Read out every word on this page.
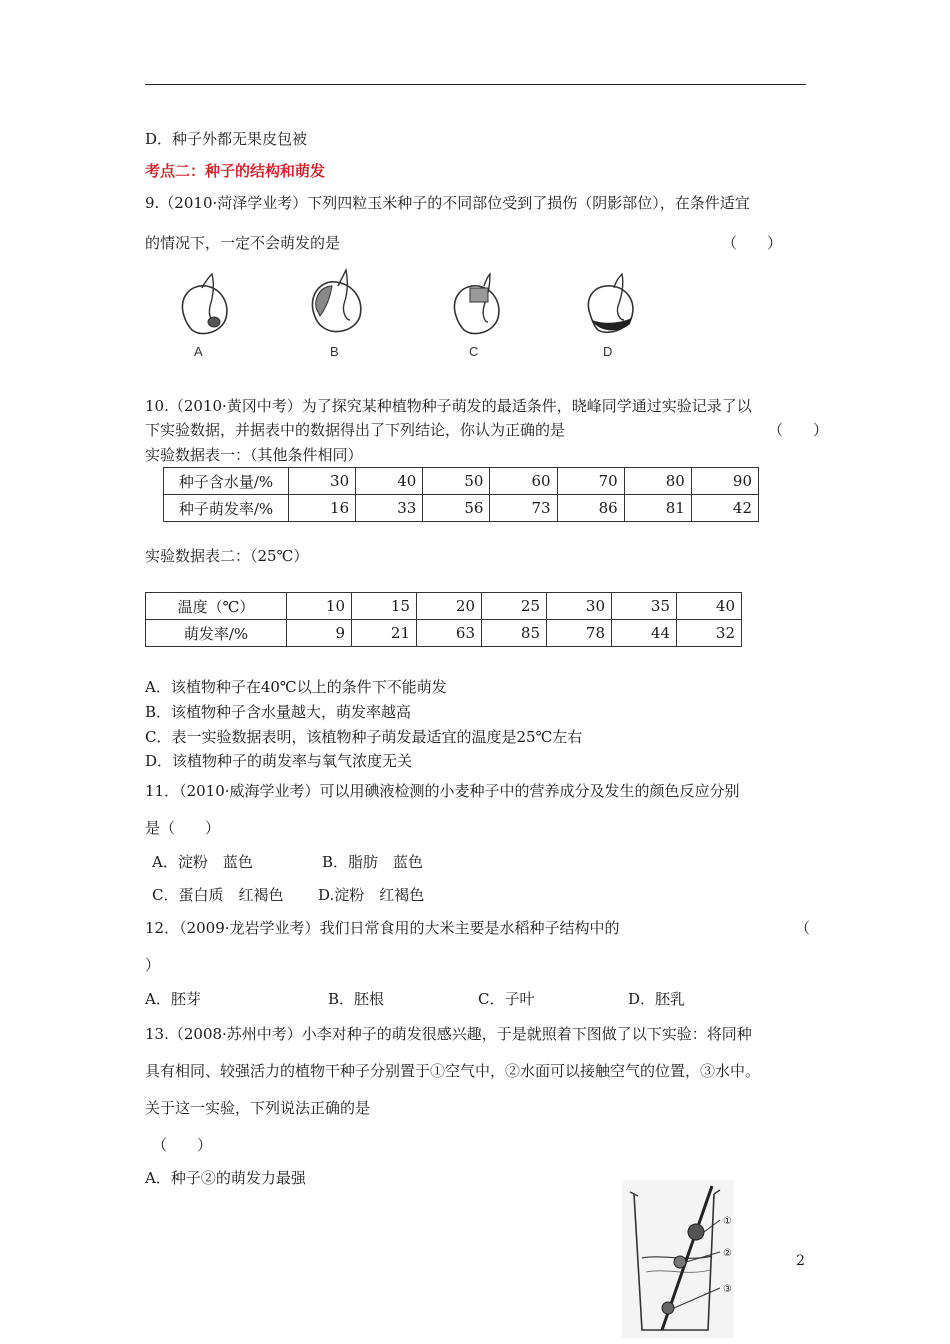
D．种子外都无果皮包被
考点二：种子的结构和萌发
9.（2010·菏泽学业考）下列四粒玉米种子的不同部位受到了损伤（阴影部位），在条件适宜
的情况下，一定不会萌发的是	（　　）
A	B	C	D
10.（2010·黄冈中考）为了探究某种植物种子萌发的最适条件，晓峰同学通过实验记录了以
下实验数据，并据表中的数据得出了下列结论，你认为正确的是	（　　）
实验数据表一：（其他条件相同）
种子含水量/%	30	40	50	60	70	80	90
种子萌发率/%	16	33	56	73	86	81	42
实验数据表二：（25℃）
温度（℃）	10	15	20	25	30	35	40
萌发率/%	9	21	63	85	78	44	32
A．该植物种子在40℃以上的条件下不能萌发
B．该植物种子含水量越大，萌发率越高
C．表一实验数据表明，该植物种子萌发最适宜的温度是25℃左右
D．该植物种子的萌发率与氧气浓度无关
11．（2010·威海学业考）可以用碘液检测的小麦种子中的营养成分及发生的颜色反应分别
是（　　）
A．淀粉　蓝色	B．脂肪　蓝色
C．蛋白质　红褐色 D.淀粉　红褐色
12．（2009·龙岩学业考）我们日常食用的大米主要是水稻种子结构中的	（
）
A．胚芽	B．胚根	C．子叶	D．胚乳
13.（2008·苏州中考）小李对种子的萌发很感兴趣，于是就照着下图做了以下实验：将同种
具有相同、较强活力的植物干种子分别置于①空气中，②水面可以接触空气的位置，③水中。
关于这一实验，下列说法正确的是
（　　）
A．种子②的萌发力最强
①
②
③
2
